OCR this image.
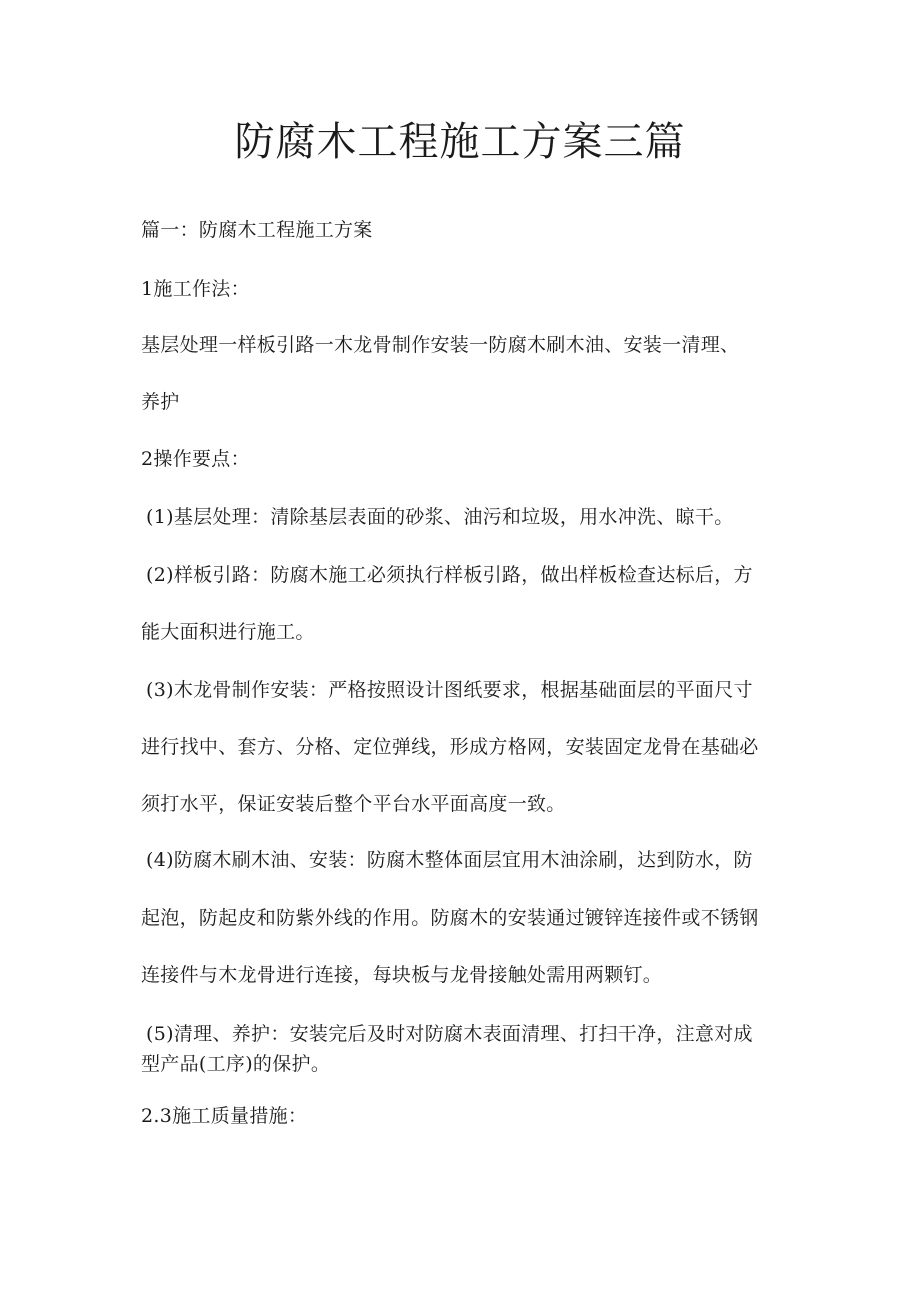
防腐木工程施工方案三篇
篇一：防腐木工程施工方案
1施工作法：
基层处理一样板引路一木龙骨制作安装一防腐木刷木油、安装一清理、
养护
2操作要点：
(1)基层处理：清除基层表面的砂浆、油污和垃圾，用水冲洗、晾干。
(2)样板引路：防腐木施工必须执行样板引路，做出样板检查达标后，方
能大面积进行施工。
(3)木龙骨制作安装：严格按照设计图纸要求，根据基础面层的平面尺寸
进行找中、套方、分格、定位弹线，形成方格网，安装固定龙骨在基础必
须打水平，保证安装后整个平台水平面高度一致。
(4)防腐木刷木油、安装：防腐木整体面层宜用木油涂刷，达到防水，防
起泡，防起皮和防紫外线的作用。防腐木的安装通过镀锌连接件或不锈钢
连接件与木龙骨进行连接，每块板与龙骨接触处需用两颗钉。
(5)清理、养护：安装完后及时对防腐木表面清理、打扫干净，注意对成
型产品(工序)的保护。
2.3施工质量措施：
